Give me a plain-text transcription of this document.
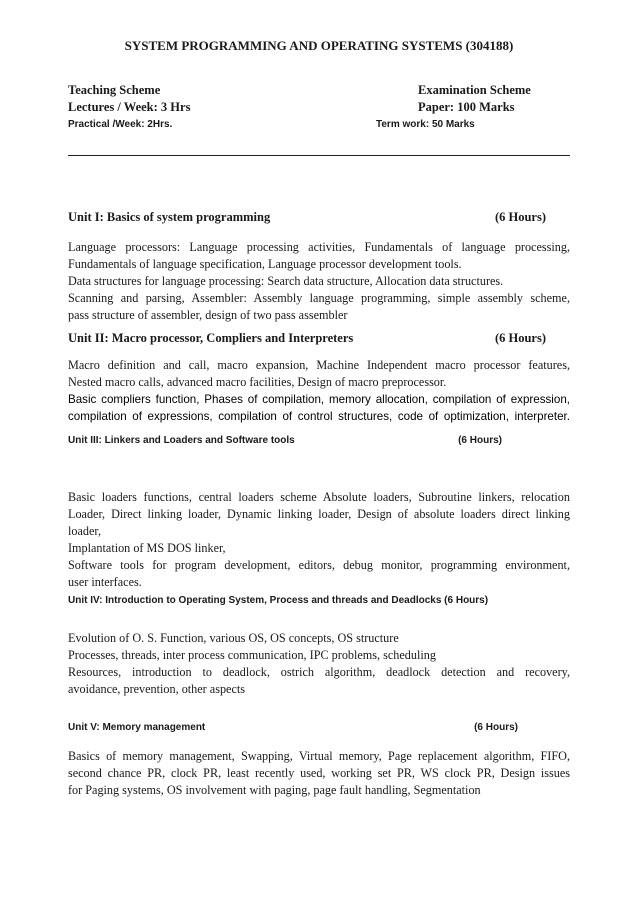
SYSTEM PROGRAMMING AND OPERATING SYSTEMS (304188)
Teaching Scheme	Examination Scheme
Lectures / Week: 3 Hrs	Paper: 100 Marks
Practical /Week: 2Hrs.	Term work: 50 Marks
Unit I: Basics of system programming	(6 Hours)
Language processors: Language processing activities, Fundamentals of language processing,
Fundamentals of language specification, Language processor development tools.
Data structures for language processing: Search data structure, Allocation data structures.
Scanning and parsing, Assembler: Assembly language programming, simple assembly scheme,
pass structure of assembler, design of two pass assembler
Unit II: Macro processor, Compliers and Interpreters	(6 Hours)
Macro definition and call, macro expansion, Machine Independent macro processor features,
Nested macro calls, advanced macro facilities, Design of macro preprocessor.
Basic compliers function, Phases of compilation, memory allocation, compilation of expression,
compilation of expressions, compilation of control structures, code of optimization, interpreter.
Unit III: Linkers and Loaders and Software tools	(6 Hours)
Basic loaders functions, central loaders scheme Absolute loaders, Subroutine linkers, relocation
Loader, Direct linking loader, Dynamic linking loader, Design of absolute loaders direct linking
loader,
Implantation of MS DOS linker,
Software tools for program development, editors, debug monitor, programming environment,
user interfaces.
Unit IV: Introduction to Operating System, Process and threads and Deadlocks (6 Hours)
Evolution of O. S. Function, various OS, OS concepts, OS structure
Processes, threads, inter process communication, IPC problems, scheduling
Resources, introduction to deadlock, ostrich algorithm, deadlock detection and recovery,
avoidance, prevention, other aspects
Unit V: Memory management	(6 Hours)
Basics of memory management, Swapping, Virtual memory, Page replacement algorithm, FIFO,
second chance PR, clock PR, least recently used, working set PR, WS clock PR, Design issues
for Paging systems, OS involvement with paging, page fault handling, Segmentation
